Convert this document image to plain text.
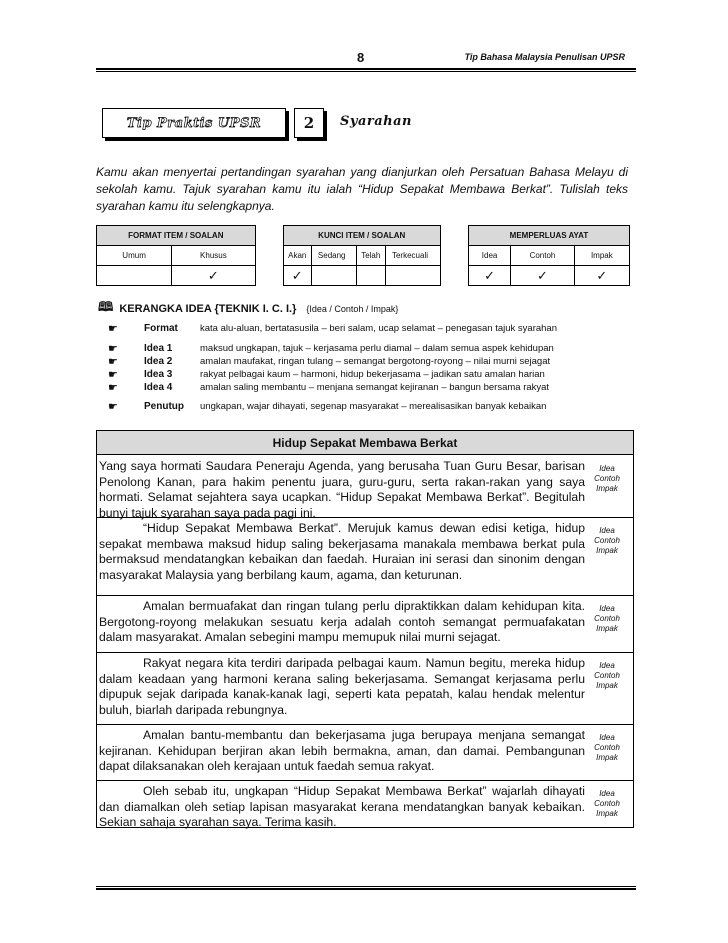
8	Tip Bahasa Malaysia Penulisan UPSR
Tip Praktis UPSR	2	Syarahan
Kamu akan menyertai pertandingan syarahan yang dianjurkan oleh Persatuan Bahasa Melayu di sekolah kamu. Tajuk syarahan kamu itu ialah “Hidup Sepakat Membawa Berkat”. Tulislah teks syarahan kamu itu selengkapnya.
FORMAT ITEM / SOALAN			KUNCI ITEM / SOALAN					MEMPERLUAS AYAT		
Umum	Khusus		Akan	Sedang	Telah	Terkecuali		Idea	Contoh	Impak
	✓		✓					✓	✓	✓
🕮 KERANGKA IDEA {TEKNIK I. C. I.} {Idea / Contoh / Impak}
☛	Format	kata alu-aluan, bertatasusila – beri salam, ucap selamat – penegasan tajuk syarahan
☛	Idea 1	maksud ungkapan, tajuk – kerjasama perlu diamal – dalam semua aspek kehidupan
☛	Idea 2	amalan maufakat, ringan tulang – semangat bergotong-royong – nilai murni sejagat
☛	Idea 3	rakyat pelbagai kaum – harmoni, hidup bekerjasama – jadikan satu amalan harian
☛	Idea 4	amalan saling membantu – menjana semangat kejiranan – bangun bersama rakyat
☛	Penutup	ungkapan, wajar dihayati, segenap masyarakat – merealisasikan banyak kebaikan
Hidup Sepakat Membawa Berkat
Yang saya hormati Saudara Peneraju Agenda, yang berusaha Tuan Guru Besar, barisan Penolong Kanan, para hakim penentu juara, guru-guru, serta rakan-rakan yang saya hormati. Selamat sejahtera saya ucapkan. “Hidup Sepakat Membawa Berkat”. Begitulah bunyi tajuk syarahan saya pada pagi ini.
Idea
Contoh
Impak
“Hidup Sepakat Membawa Berkat”. Merujuk kamus dewan edisi ketiga, hidup sepakat membawa maksud hidup saling bekerjasama manakala membawa berkat pula bermaksud mendatangkan kebaikan dan faedah. Huraian ini serasi dan sinonim dengan masyarakat Malaysia yang berbilang kaum, agama, dan keturunan.
Idea
Contoh
Impak
Amalan bermuafakat dan ringan tulang perlu dipraktikkan dalam kehidupan kita. Bergotong-royong melakukan sesuatu kerja adalah contoh semangat permuafakatan dalam masyarakat. Amalan sebegini mampu memupuk nilai murni sejagat.
Idea
Contoh
Impak
Rakyat negara kita terdiri daripada pelbagai kaum. Namun begitu, mereka hidup dalam keadaan yang harmoni kerana saling bekerjasama. Semangat kerjasama perlu dipupuk sejak daripada kanak-kanak lagi, seperti kata pepatah, kalau hendak melentur buluh, biarlah daripada rebungnya.
Idea
Contoh
Impak
Amalan bantu-membantu dan bekerjasama juga berupaya menjana semangat kejiranan. Kehidupan berjiran akan lebih bermakna, aman, dan damai. Pembangunan dapat dilaksanakan oleh kerajaan untuk faedah semua rakyat.
Idea
Contoh
Impak
Oleh sebab itu, ungkapan “Hidup Sepakat Membawa Berkat” wajarlah dihayati dan diamalkan oleh setiap lapisan masyarakat kerana mendatangkan banyak kebaikan. Sekian sahaja syarahan saya. Terima kasih.
Idea
Contoh
Impak
